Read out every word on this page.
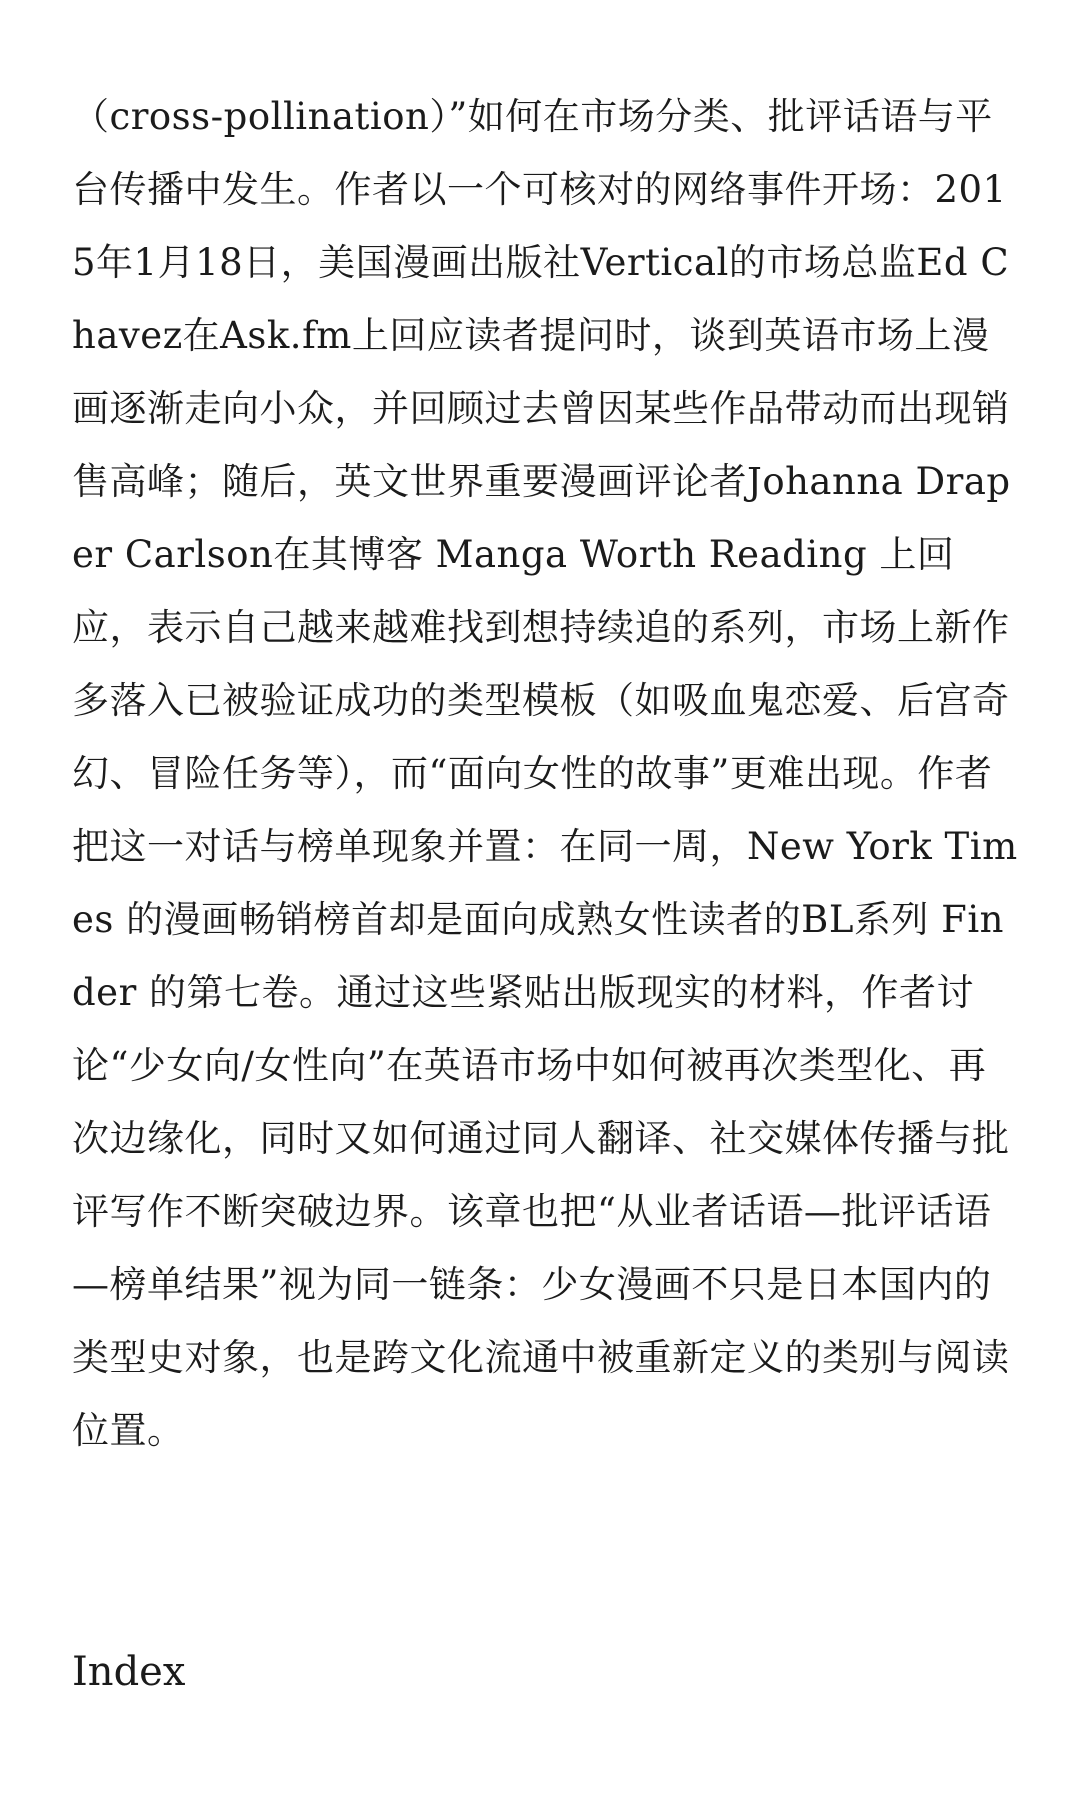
（cross-pollination）”如何在市场分类、批评话语与平台传播中发生。作者以一个可核对的网络事件开场：2015年1月18日，美国漫画出版社Vertical的市场总监Ed Chavez在Ask.fm上回应读者提问时，谈到英语市场上漫画逐渐走向小众，并回顾过去曾因某些作品带动而出现销售高峰；随后，英文世界重要漫画评论者Johanna Draper Carlson在其博客 Manga Worth Reading 上回应，表示自己越来越难找到想持续追的系列，市场上新作多落入已被验证成功的类型模板（如吸血鬼恋爱、后宫奇幻、冒险任务等），而“面向女性的故事”更难出现。作者把这一对话与榜单现象并置：在同一周，New York Times 的漫画畅销榜首却是面向成熟女性读者的BL系列 Finder 的第七卷。通过这些紧贴出版现实的材料，作者讨论“少女向/女性向”在英语市场中如何被再次类型化、再次边缘化，同时又如何通过同人翻译、社交媒体传播与批评写作不断突破边界。该章也把“从业者话语—批评话语—榜单结果”视为同一链条：少女漫画不只是日本国内的类型史对象，也是跨文化流通中被重新定义的类别与阅读位置。

Index
